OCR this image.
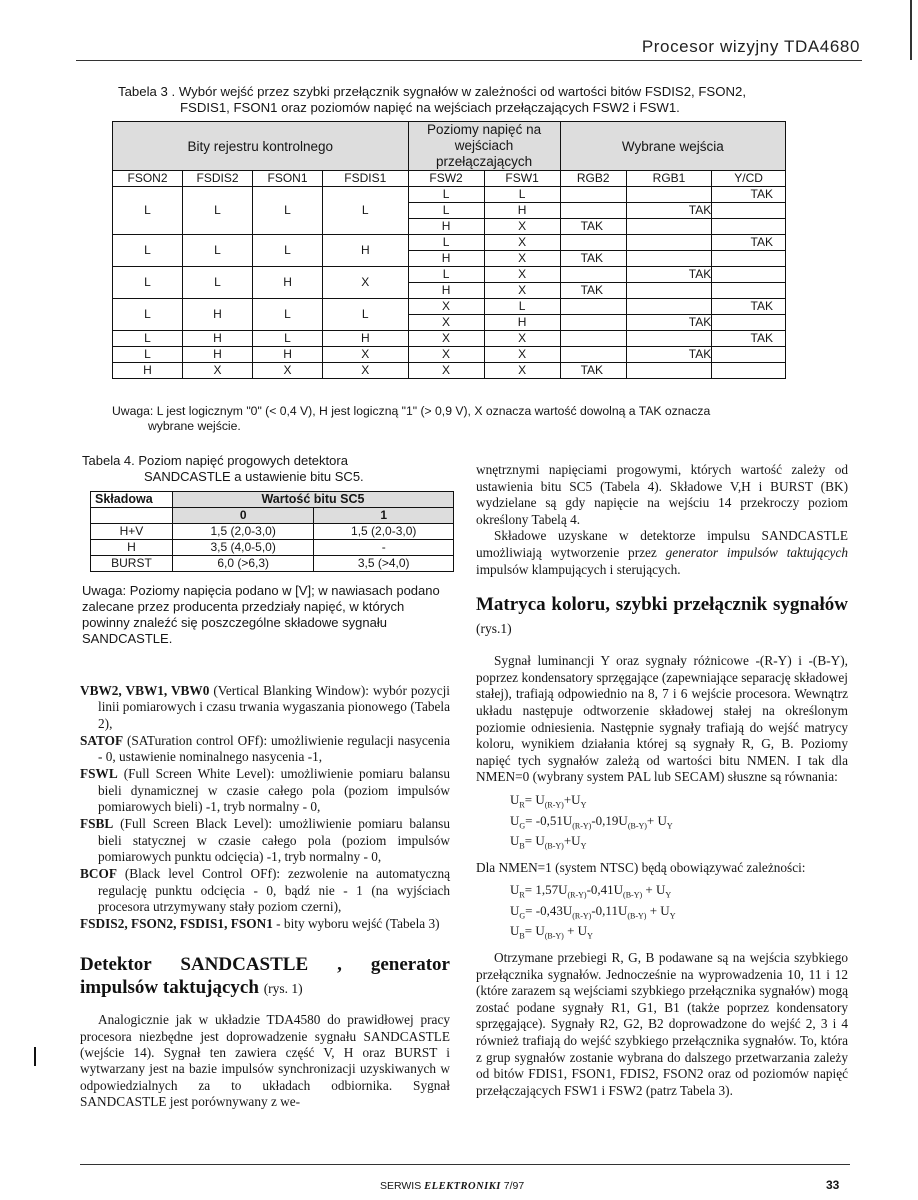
Procesor wizyjny TDA4680
Tabela 3 . Wybór wejść przez szybki przełącznik sygnałów w zależności od wartości bitów FSDIS2, FSON2,
FSDIS1, FSON1 oraz poziomów napięć na wejściach przełączających FSW2 i FSW1.
Bity rejestru kontrolnego				Poziomy napięć na wejściach przełączających		Wybrane wejścia		
FSON2	FSDIS2	FSON1	FSDIS1	FSW2	FSW1	RGB2	RGB1	Y/CD
L	L	L	L	L	L			TAK
				L	H		TAK	
				H	X	TAK		
L	L	L	H	L	X			TAK
				H	X	TAK		
L	L	H	X	L	X		TAK	
				H	X	TAK		
L	H	L	L	X	L			TAK
				X	H		TAK	
L	H	L	H	X	X			TAK
L	H	H	X	X	X		TAK	
H	X	X	X	X	X	TAK		
Uwaga: L jest logicznym "0" (< 0,4 V), H jest logiczną "1" (> 0,9 V), X oznacza wartość dowolną a TAK oznacza
wybrane wejście.
Tabela 4. Poziom napięć progowych detektora
SANDCASTLE a ustawienie bitu SC5.
Składowa	Wartość bitu SC5	
	0	1
H+V	1,5 (2,0-3,0)	1,5 (2,0-3,0)
H	3,5 (4,0-5,0)	-
BURST	6,0 (>6,3)	3,5 (>4,0)
Uwaga: Poziomy napięcia podano w [V]; w nawiasach podano zalecane przez producenta przedziały napięć, w których powinny znaleźć się poszczególne składowe sygnału SANDCASTLE.

VBW2, VBW1, VBW0 (Vertical Blanking Window): wybór pozycji linii pomiarowych i czasu trwania wygaszania pionowego (Tabela 2),

SATOF (SATuration control OFf): umożliwienie regulacji nasycenia - 0, ustawienie nominalnego nasycenia -1,

FSWL (Full Screen White Level): umożliwienie pomiaru balansu bieli dynamicznej w czasie całego pola (poziom impulsów pomiarowych bieli) -1, tryb normalny - 0,

FSBL (Full Screen Black Level): umożliwienie pomiaru balansu bieli statycznej w czasie całego pola (poziom impulsów pomiarowych punktu odcięcia) -1, tryb normalny - 0,

BCOF (Black level Control OFf): zezwolenie na automatyczną regulację punktu odcięcia - 0, bądź nie - 1 (na wyjściach procesora utrzymywany stały poziom czerni),

FSDIS2, FSON2, FSDIS1, FSON1 - bity wyboru wejść (Tabela 3)

Detektor SANDCASTLE , generator impulsów taktujących (rys. 1)

Analogicznie jak w układzie TDA4580 do prawidłowej pracy procesora niezbędne jest doprowadzenie sygnału SANDCASTLE (wejście 14). Sygnał ten zawiera część V, H oraz BURST i wytwarzany jest na bazie impulsów synchronizacji uzyskiwanych w odpowiedzialnych za to układach odbiornika. Sygnał SANDCASTLE jest porównywany z we-

wnętrznymi napięciami progowymi, których wartość zależy od ustawienia bitu SC5 (Tabela 4). Składowe V,H i BURST (BK) wydzielane są gdy napięcie na wejściu 14 przekroczy poziom określony Tabelą 4.

Składowe uzyskane w detektorze impulsu SANDCASTLE umożliwiają wytworzenie przez generator impulsów taktujących impulsów klampujących i sterujących.

Matryca koloru, szybki przełącznik sygnałów (rys.1)

Sygnał luminancji Y oraz sygnały różnicowe -(R-Y) i -(B-Y), poprzez kondensatory sprzęgające (zapewniające separację składowej stałej), trafiają odpowiednio na 8, 7 i 6 wejście procesora. Wewnątrz układu następuje odtworzenie składowej stałej na określonym poziomie odniesienia. Następnie sygnały trafiają do wejść matrycy koloru, wynikiem działania której są sygnały R, G, B. Poziomy napięć tych sygnałów zależą od wartości bitu NMEN. I tak dla NMEN=0 (wybrany system PAL lub SECAM) słuszne są równania:

$U_R= U_{(R-Y)}+U_Y$
$U_G= -0,51U_{(R-Y)}-0,19U_{(B-Y)}+ U_Y$
$U_B= U_{(B-Y)}+U_Y$

Dla NMEN=1 (system NTSC) będą obowiązywać zależności:

$U_R= 1,57U_{(R-Y)}-0,41U_{(B-Y)} + U_Y$
$U_G= -0,43U_{(R-Y)}-0,11U_{(B-Y)} + U_Y$
$U_B= U_{(B-Y)} + U_Y$

Otrzymane przebiegi R, G, B podawane są na wejścia szybkiego przełącznika sygnałów. Jednocześnie na wyprowadzenia 10, 11 i 12 (które zarazem są wejściami szybkiego przełącznika sygnałów) mogą zostać podane sygnały R1, G1, B1 (także poprzez kondensatory sprzęgające). Sygnały R2, G2, B2 doprowadzone do wejść 2, 3 i 4 również trafiają do wejść szybkiego przełącznika sygnałów. To, która z grup sygnałów zostanie wybrana do dalszego przetwarzania zależy od bitów FDIS1, FSON1, FDIS2, FSON2 oraz od poziomów napięć przełączających FSW1 i FSW2 (patrz Tabela 3).

SERWIS ELEKTRONIKI 7/97	33
